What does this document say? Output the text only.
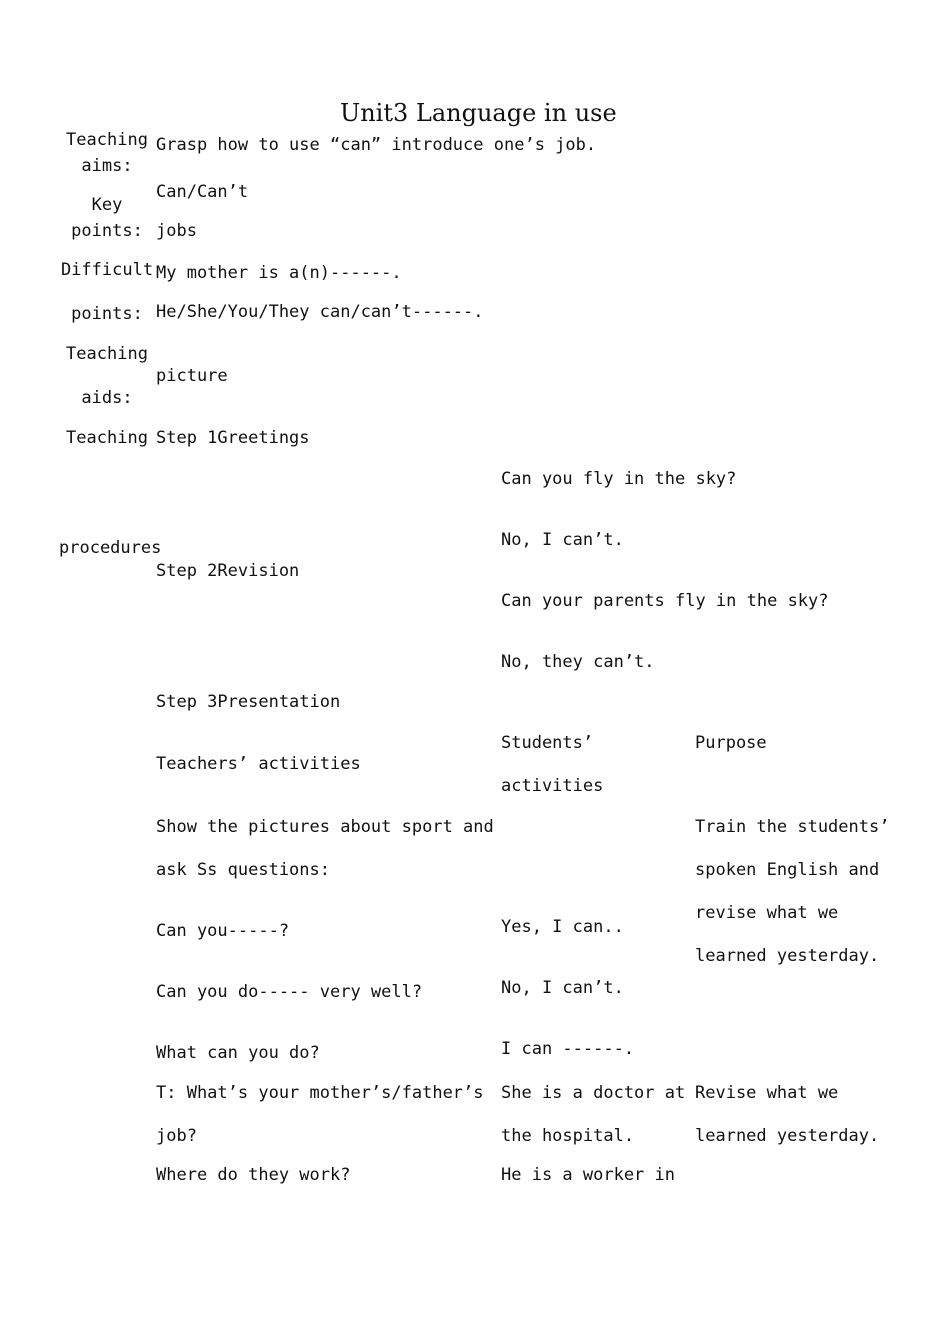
Unit3 Language in use
Teaching
aims:
Key
points:
Difficult
points:
Teaching
aids:
Teaching
procedures
Grasp how to use “can” introduce one’s job.
Can/Can’t
jobs
My mother is a(n)------.
He/She/You/They can/can’t------.
picture
Step 1Greetings
Step 2Revision
Step 3Presentation
Can you fly in the sky?
No, I can’t.
Can your parents fly in the sky?
No, they can’t.
Teachers’ activities
Students’
activities
Purpose
Show the pictures about sport and
ask Ss questions:
Can you-----?
Can you do----- very well?
What can you do?
T: What’s your mother’s/father’s
job?
Where do they work?
Yes, I can..
No, I can’t.
I can ------.
She is a doctor at
the hospital.
He is a worker in
Train the students’
spoken English and
revise what we
learned yesterday.
Revise what we
learned yesterday.
